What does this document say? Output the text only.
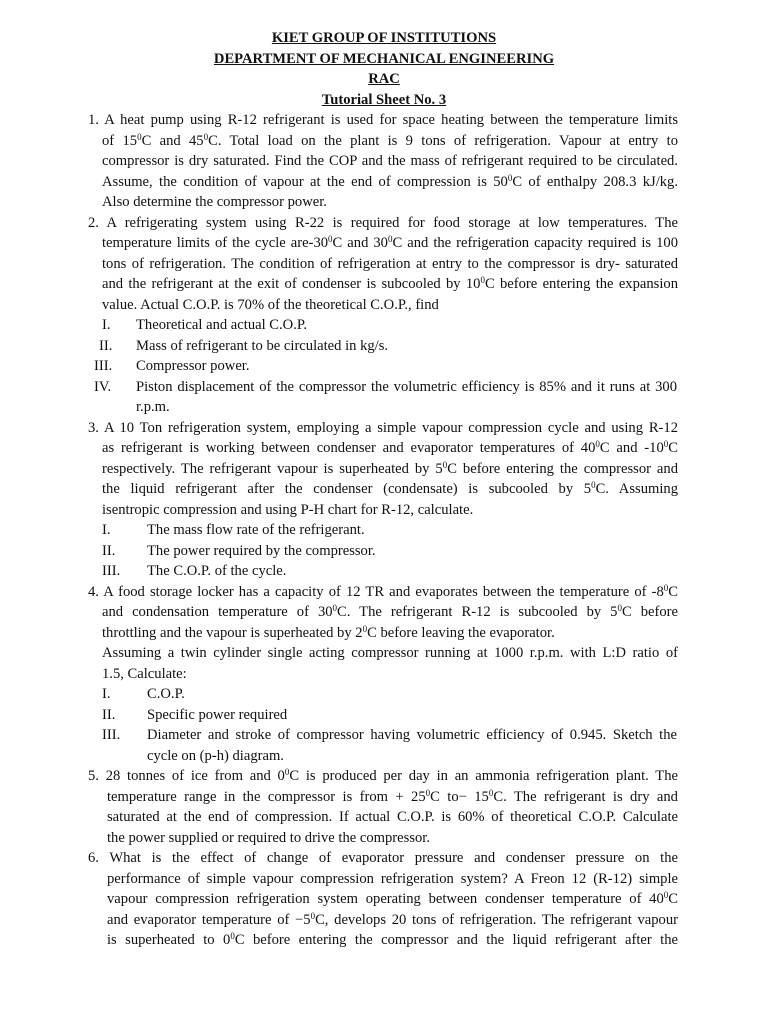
KIET GROUP OF INSTITUTIONS
DEPARTMENT OF MECHANICAL ENGINEERING
RAC
Tutorial Sheet No. 3
1. A heat pump using R-12 refrigerant is used for space heating between the temperature limits
of $15^0C$ and $45^0C$. Total load on the plant is 9 tons of refrigeration. Vapour at entry to
compressor is dry saturated. Find the COP and the mass of refrigerant required to be circulated.
Assume, the condition of vapour at the end of compression is $50^0C$ of enthalpy 208.3 kJ/kg.
Also determine the compressor power.
2. A refrigerating system using R-22 is required for food storage at low temperatures. The
temperature limits of the cycle are-$30^0C$ and $30^0C$ and the refrigeration capacity required is 100
tons of refrigeration. The condition of refrigeration at entry to the compressor is dry- saturated
and the refrigerant at the exit of condenser is subcooled by $10^0C$ before entering the expansion
value. Actual C.O.P. is 70% of the theoretical C.O.P., find
I. Theoretical and actual C.O.P.
II. Mass of refrigerant to be circulated in kg/s.
III. Compressor power.
IV. Piston displacement of the compressor the volumetric efficiency is 85% and it runs at 300
r.p.m.
3. A 10 Ton refrigeration system, employing a simple vapour compression cycle and using R-12
as refrigerant is working between condenser and evaporator temperatures of $40^0C$ and $-10^0C$
respectively. The refrigerant vapour is superheated by $5^0C$ before entering the compressor and
the liquid refrigerant after the condenser (condensate) is subcooled by $5^0C$. Assuming
isentropic compression and using P-H chart for R-12, calculate.
I. The mass flow rate of the refrigerant.
II. The power required by the compressor.
III. The C.O.P. of the cycle.
4. A food storage locker has a capacity of 12 TR and evaporates between the temperature of $-8^0C$
and condensation temperature of $30^0C$. The refrigerant R-12 is subcooled by $5^0C$ before
throttling and the vapour is superheated by $2^0C$ before leaving the evaporator.
Assuming a twin cylinder single acting compressor running at 1000 r.p.m. with L:D ratio of
1.5, Calculate:
I. C.O.P.
II. Specific power required
III. Diameter and stroke of compressor having volumetric efficiency of 0.945. Sketch the
cycle on (p-h) diagram.
5. 28 tonnes of ice from and $0^0C$ is produced per day in an ammonia refrigeration plant. The
temperature range in the compressor is from + $25^0C$ $to- 15^0C$. The refrigerant is dry and
saturated at the end of compression. If actual C.O.P. is 60% of theoretical C.O.P. Calculate
the power supplied or required to drive the compressor.
6. What is the effect of change of evaporator pressure and condenser pressure on the
performance of simple vapour compression refrigeration system? A Freon 12 (R-12) simple
vapour compression refrigeration system operating between condenser temperature of $40^0C$
and evaporator temperature of $-5^0C$, develops 20 tons of refrigeration. The refrigerant vapour
is superheated to $0^0C$ before entering the compressor and the liquid refrigerant after the
